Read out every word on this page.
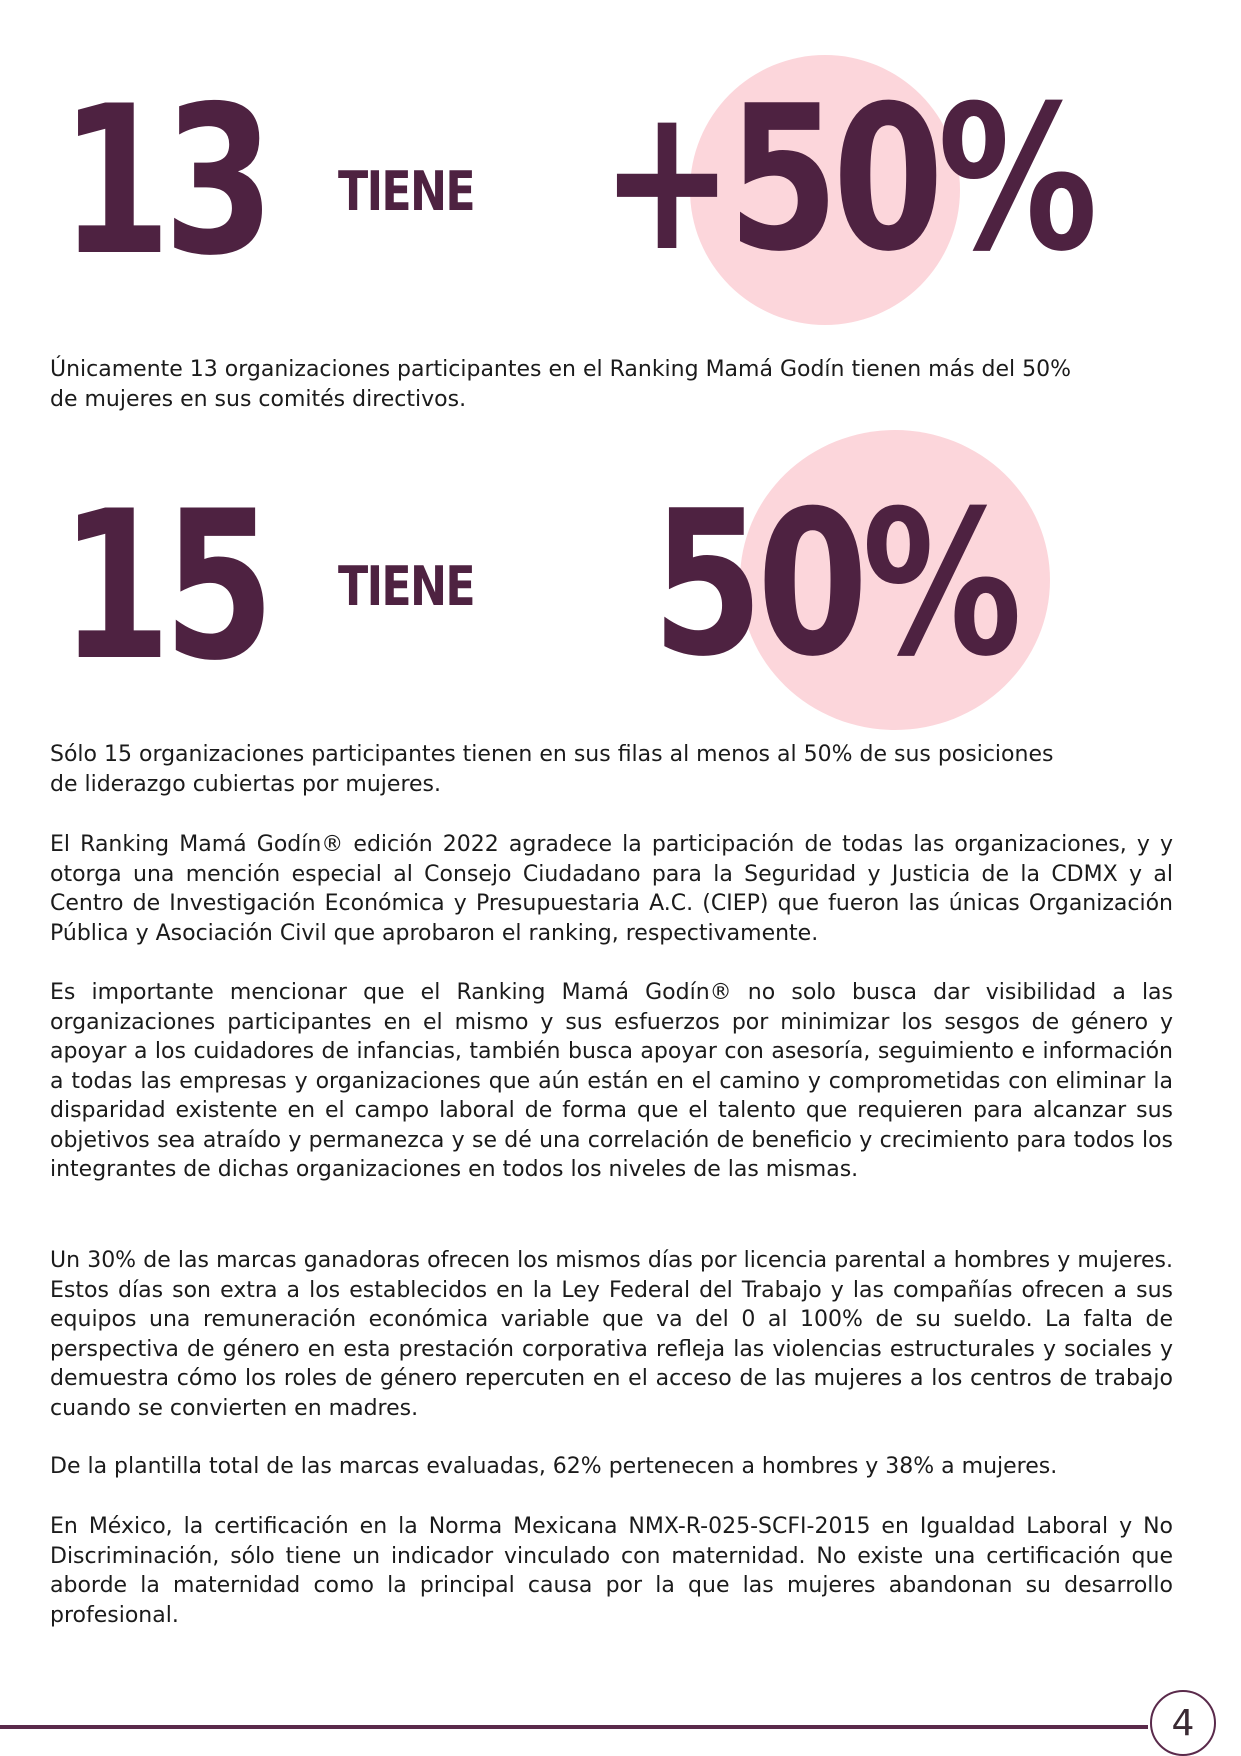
13 TIENE +50%

Únicamente 13 organizaciones participantes en el Ranking Mamá Godín tienen más del 50%
de mujeres en sus comités directivos.

15 TIENE 50%

Sólo 15 organizaciones participantes tienen en sus filas al menos al 50% de sus posiciones
de liderazgo cubiertas por mujeres.

El Ranking Mamá Godín® edición 2022 agradece la participación de todas las organizaciones, y y otorga una mención especial al Consejo Ciudadano para la Seguridad y Justicia de la CDMX y al Centro de Investigación Económica y Presupuestaria A.C. (CIEP) que fueron las únicas Organización Pública y Asociación Civil que aprobaron el ranking, respectivamente.

Es importante mencionar que el Ranking Mamá Godín® no solo busca dar visibilidad a las organizaciones participantes en el mismo y sus esfuerzos por minimizar los sesgos de género y apoyar a los cuidadores de infancias, también busca apoyar con asesoría, seguimiento e información a todas las empresas y organizaciones que aún están en el camino y comprometidas con eliminar la disparidad existente en el campo laboral de forma que el talento que requieren para alcanzar sus objetivos sea atraído y permanezca y se dé una correlación de beneficio y crecimiento para todos los integrantes de dichas organizaciones en todos los niveles de las mismas.

Un 30% de las marcas ganadoras ofrecen los mismos días por licencia parental a hombres y mujeres. Estos días son extra a los establecidos en la Ley Federal del Trabajo y las compañías ofrecen a sus equipos una remuneración económica variable que va del 0 al 100% de su sueldo. La falta de perspectiva de género en esta prestación corporativa refleja las violencias estructurales y sociales y demuestra cómo los roles de género repercuten en el acceso de las mujeres a los centros de trabajo cuando se convierten en madres.

De la plantilla total de las marcas evaluadas, 62% pertenecen a hombres y 38% a mujeres.

En México, la certificación en la Norma Mexicana NMX-R-025-SCFI-2015 en Igualdad Laboral y No Discriminación, sólo tiene un indicador vinculado con maternidad. No existe una certificación que aborde la maternidad como la principal causa por la que las mujeres abandonan su desarrollo profesional.

4
